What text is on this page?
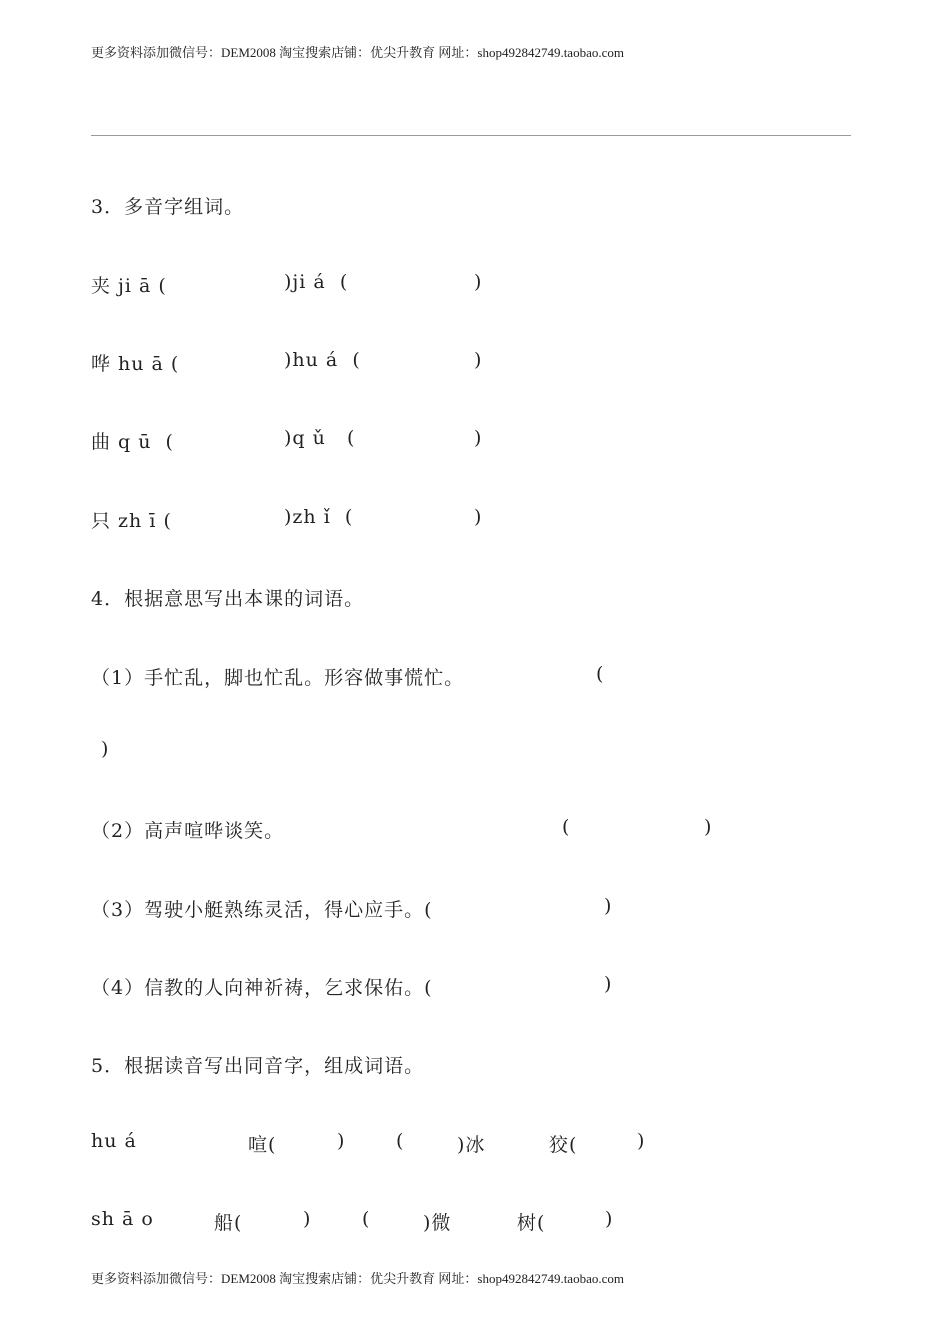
更多资料添加微信号：DEM2008 淘宝搜索店铺：优尖升教育 网址：shop492842749.taobao.com
3．多音字组词。
夹 ji ā (	)ji á  (	)
哗 hu ā (	)hu á  (	)
曲 q ū  (	)q ǔ   (	)
只 zh ī (	)zh ǐ  (	)
4．根据意思写出本课的词语。
（1）手忙乱，脚也忙乱。形容做事慌忙。	(
)
（2）高声喧哗谈笑。	(	)
（3）驾驶小艇熟练灵活，得心应手。(	)
（4）信教的人向神祈祷，乞求保佑。(	)
5．根据读音写出同音字，组成词语。
hu á	喧(	)	(	)冰	狡(	)
sh ā o	船(	)	(	)微	树(	)
更多资料添加微信号：DEM2008 淘宝搜索店铺：优尖升教育 网址：shop492842749.taobao.com
